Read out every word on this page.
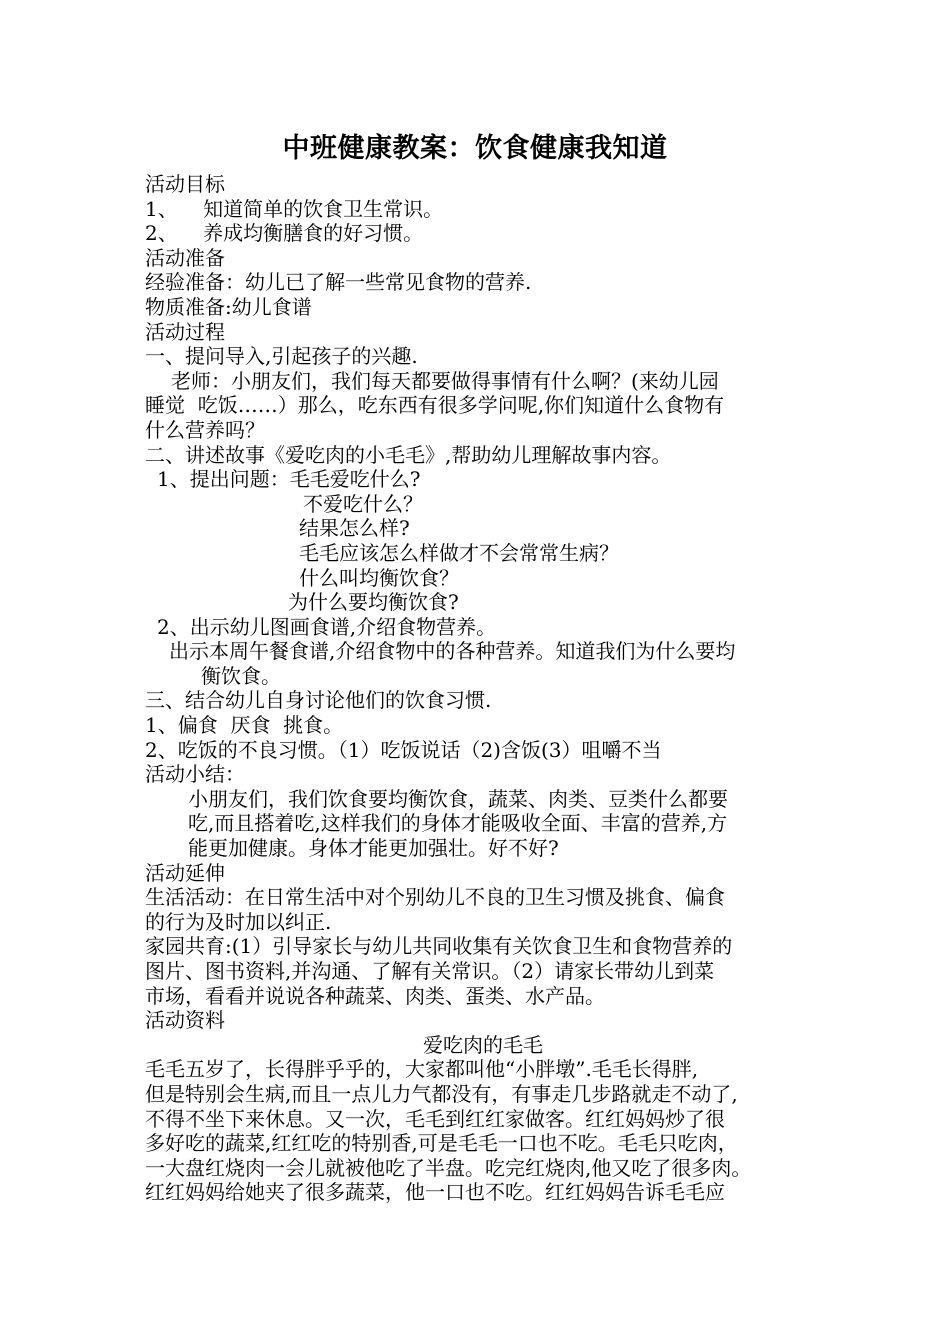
中班健康教案：饮食健康我知道
活动目标
1、    知道简单的饮食卫生常识。
2、    养成均衡膳食的好习惯。
活动准备
经验准备：幼儿已了解一些常见食物的营养.
物质准备:幼儿食谱
活动过程
一、提问导入,引起孩子的兴趣.
老师：小朋友们，我们每天都要做得事情有什么啊？(来幼儿园
睡觉  吃饭……）那么，吃东西有很多学问呢,你们知道什么食物有
什么营养吗？
二、讲述故事《爱吃肉的小毛毛》,帮助幼儿理解故事内容。
1、提出问题：毛毛爱吃什么?
不爱吃什么？
结果怎么样?
毛毛应该怎么样做才不会常常生病？
什么叫均衡饮食？
为什么要均衡饮食?
2、出示幼儿图画食谱,介绍食物营养。
出示本周午餐食谱,介绍食物中的各种营养。知道我们为什么要均
衡饮食。
三、结合幼儿自身讨论他们的饮食习惯.
1、偏食  厌食  挑食。
2、吃饭的不良习惯。（1）吃饭说话（2)含饭(3）咀嚼不当
活动小结：
小朋友们，我们饮食要均衡饮食，蔬菜、肉类、豆类什么都要
吃,而且搭着吃,这样我们的身体才能吸收全面、丰富的营养,方
能更加健康。身体才能更加强壮。好不好?
活动延伸
生活活动：在日常生活中对个别幼儿不良的卫生习惯及挑食、偏食
的行为及时加以纠正.
家园共育:(1）引导家长与幼儿共同收集有关饮食卫生和食物营养的
图片、图书资料,并沟通、了解有关常识。（2）请家长带幼儿到菜
市场，看看并说说各种蔬菜、肉类、蛋类、水产品。
活动资料
爱吃肉的毛毛
毛毛五岁了，长得胖乎乎的，大家都叫他“小胖墩”.毛毛长得胖,
但是特别会生病,而且一点儿力气都没有，有事走几步路就走不动了,
不得不坐下来休息。又一次，毛毛到红红家做客。红红妈妈炒了很
多好吃的蔬菜,红红吃的特别香,可是毛毛一口也不吃。毛毛只吃肉，
一大盘红烧肉一会儿就被他吃了半盘。吃完红烧肉,他又吃了很多肉。
红红妈妈给她夹了很多蔬菜，他一口也不吃。红红妈妈告诉毛毛应
